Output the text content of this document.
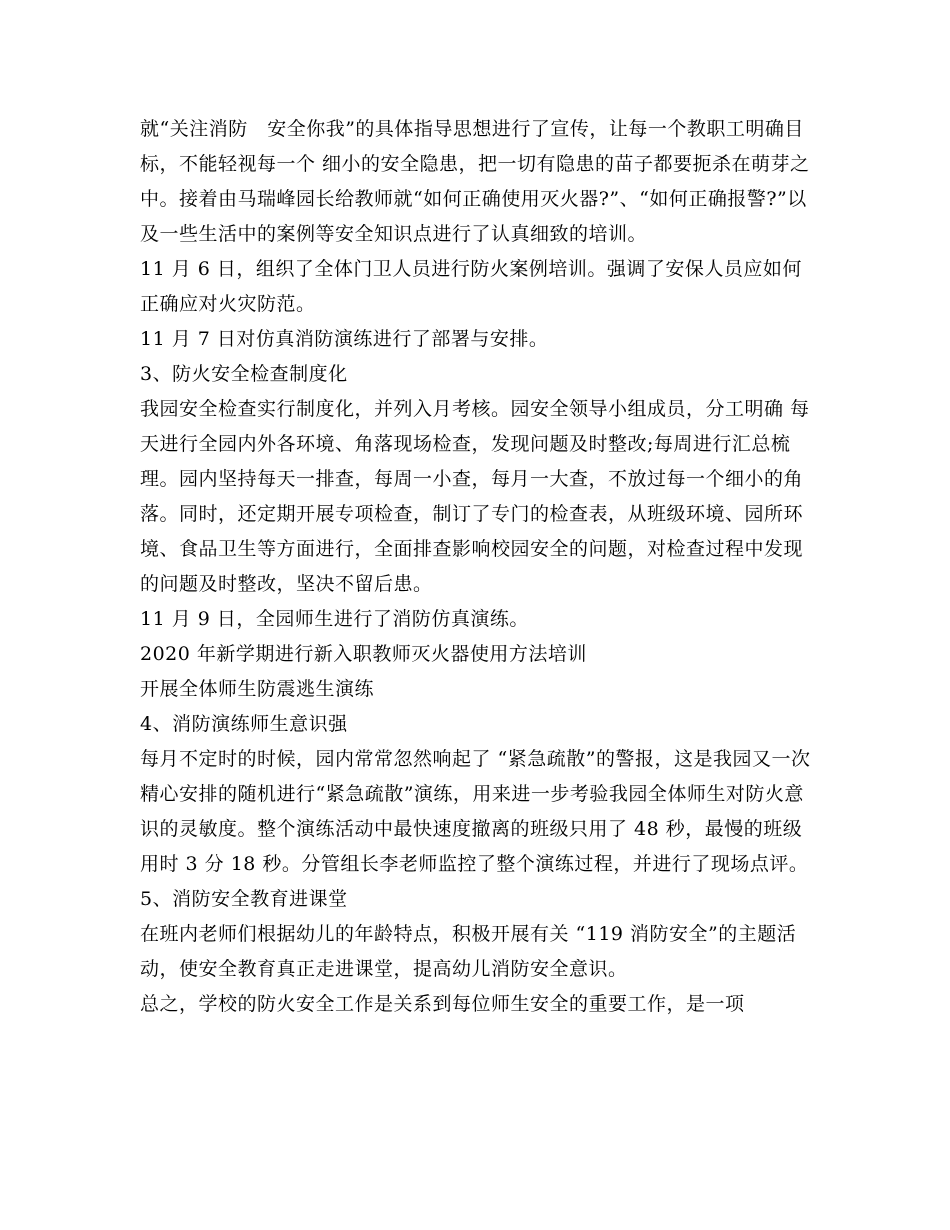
就“关注消防　安全你我”的具体指导思想进行了宣传，让每一个教职工明确目标，不能轻视每一个 细小的安全隐患，把一切有隐患的苗子都要扼杀在萌芽之中。接着由马瑞峰园长给教师就“如何正确使用灭火器?”、“如何正确报警?”以及一些生活中的案例等安全知识点进行了认真细致的培训。

11 月 6 日，组织了全体门卫人员进行防火案例培训。强调了安保人员应如何正确应对火灾防范。

11 月 7 日对仿真消防演练进行了部署与安排。

3、防火安全检查制度化

我园安全检查实行制度化，并列入月考核。园安全领导小组成员，分工明确 每天进行全园内外各环境、角落现场检查，发现问题及时整改;每周进行汇总梳理。园内坚持每天一排查，每周一小查，每月一大查，不放过每一个细小的角落。同时，还定期开展专项检查，制订了专门的检查表，从班级环境、园所环境、食品卫生等方面进行，全面排查影响校园安全的问题，对检查过程中发现的问题及时整改，坚决不留后患。

11 月 9 日，全园师生进行了消防仿真演练。

2020 年新学期进行新入职教师灭火器使用方法培训

开展全体师生防震逃生演练

4、消防演练师生意识强

每月不定时的时候，园内常常忽然响起了 “紧急疏散”的警报，这是我园又一次精心安排的随机进行“紧急疏散”演练，用来进一步考验我园全体师生对防火意识的灵敏度。整个演练活动中最快速度撤离的班级只用了 48 秒，最慢的班级用时 3 分 18 秒。分管组长李老师监控了整个演练过程，并进行了现场点评。

5、消防安全教育进课堂

在班内老师们根据幼儿的年龄特点，积极开展有关 “119 消防安全”的主题活动，使安全教育真正走进课堂，提高幼儿消防安全意识。

总之，学校的防火安全工作是关系到每位师生安全的重要工作，是一项
